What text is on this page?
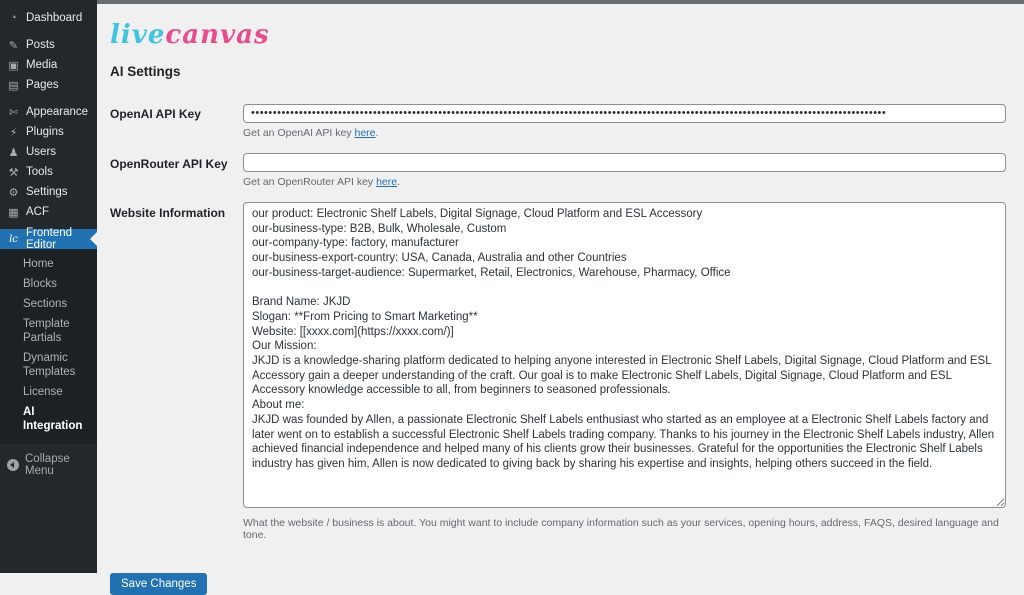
◔ Dashboard
✎ Posts
▣ Media
▤ Pages
✄ Appearance
⚡ Plugins
♟ Users
⚒ Tools
⚙ Settings
▦ ACF
lc Frontend Editor
Home
Blocks
Sections
Template Partials
Dynamic Templates
License
AI Integration
Collapse Menu
livecanvas
AI Settings
OpenAI API Key
••••••••••••••••••••••••••••••••••••••••••••••••••••••••••••••••••••••••••••••••••••••••••••••••••••••••••••••••••••••••••••••••••••••••••••••••••

Get an OpenAI API key here.

OpenRouter API Key

Get an OpenRouter API key here.

Website Information
our product: Electronic Shelf Labels, Digital Signage, Cloud Platform and ESL Accessory our-business-type: B2B, Bulk, Wholesale, Custom our-company-type: factory, manufacturer our-business-export-country: USA, Canada, Australia and other Countries our-business-target-audience: Supermarket, Retail, Electronics, Warehouse, Pharmacy, Office Brand Name: JKJD Slogan: **From Pricing to Smart Marketing** Website: [[xxxx.com](https://xxxx.com/)] Our Mission: JKJD is a knowledge-sharing platform dedicated to helping anyone interested in Electronic Shelf Labels, Digital Signage, Cloud Platform and ESL Accessory gain a deeper understanding of the craft. Our goal is to make Electronic Shelf Labels, Digital Signage, Cloud Platform and ESL Accessory knowledge accessible to all, from beginners to seasoned professionals. About me: JKJD was founded by Allen, a passionate Electronic Shelf Labels enthusiast who started as an employee at a Electronic Shelf Labels factory and later went on to establish a successful Electronic Shelf Labels trading company. Thanks to his journey in the Electronic Shelf Labels industry, Allen achieved financial independence and helped many of his clients grow their businesses. Grateful for the opportunities the Electronic Shelf Labels industry has given him, Allen is now dedicated to giving back by sharing his expertise and insights, helping others succeed in the field.

What the website / business is about. You might want to include company information such as your services, opening hours, address, FAQS, desired language and tone.

Save Changes
